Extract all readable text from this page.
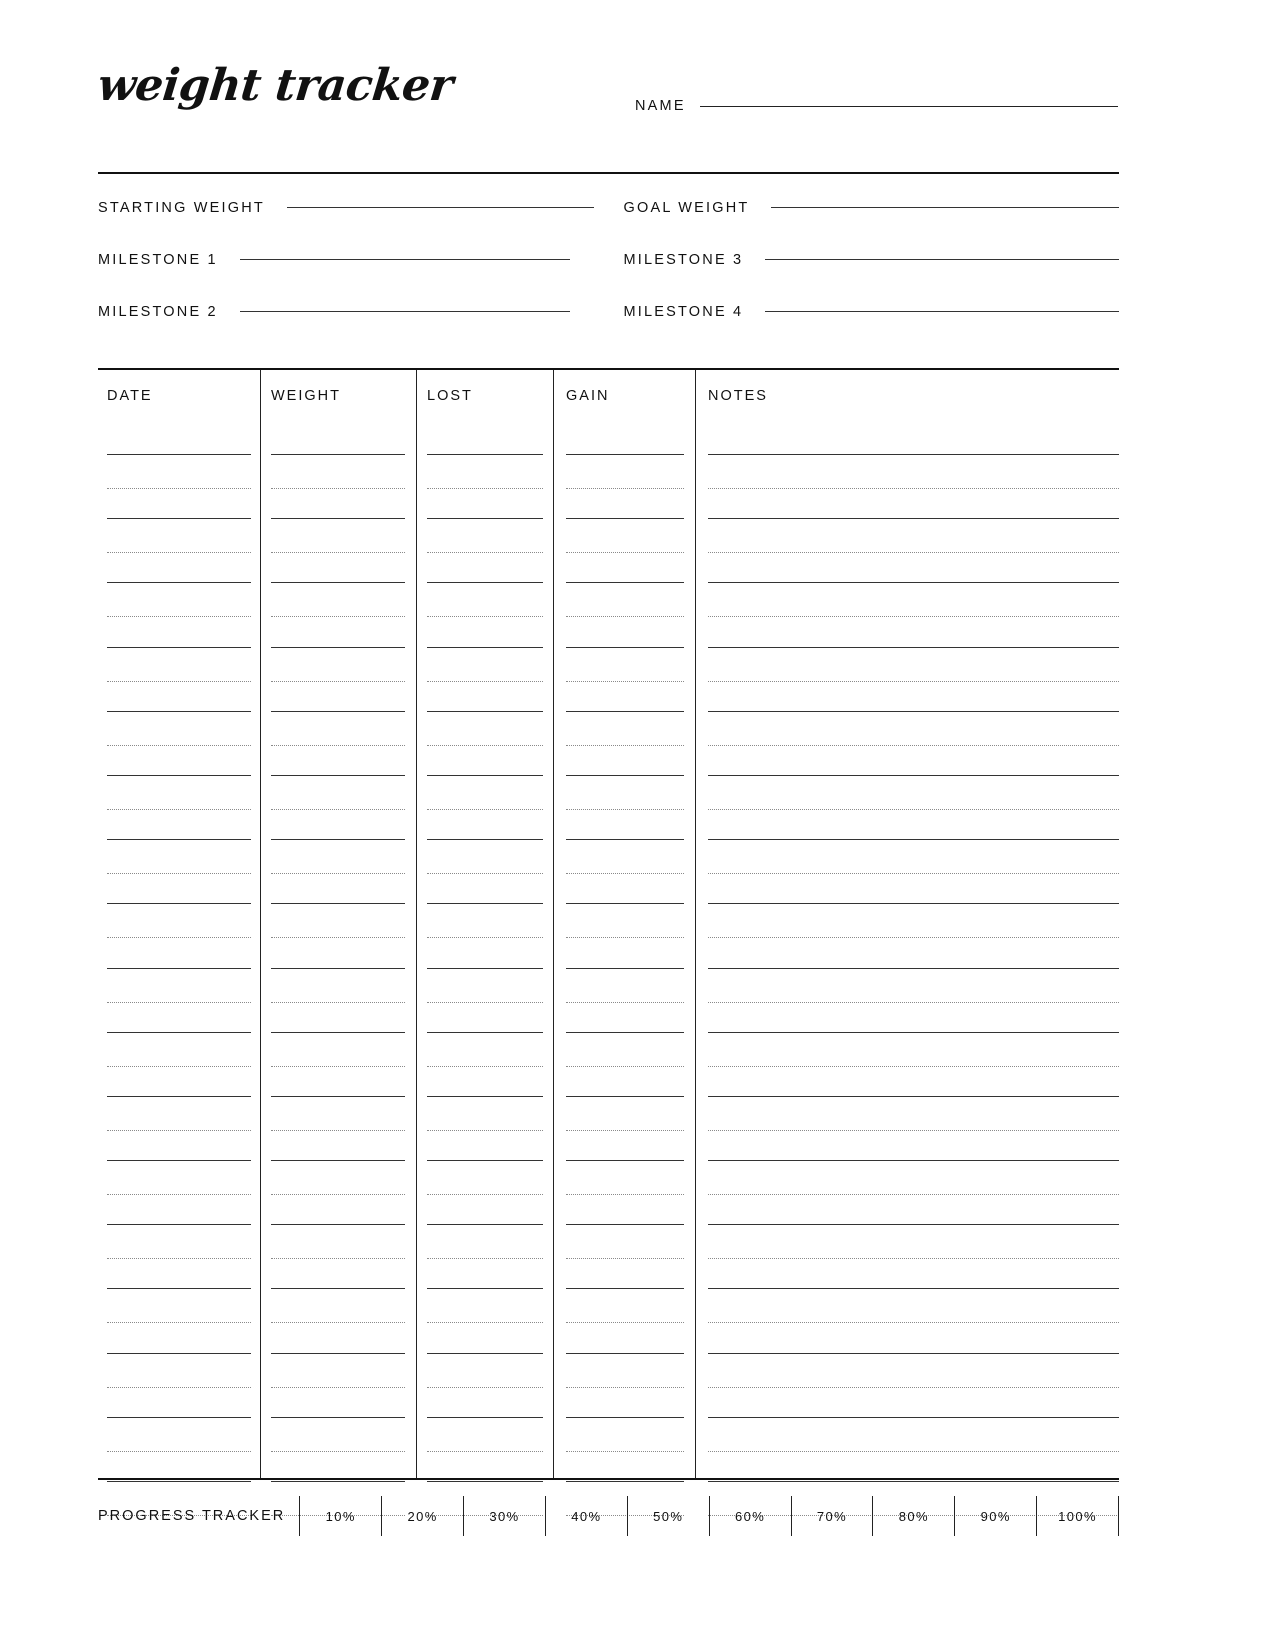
weight tracker	NAME
STARTING WEIGHT	GOAL WEIGHT
MILESTONE 1	MILESTONE 3
MILESTONE 2	MILESTONE 4
DATE	WEIGHT	LOST	GAIN	NOTES
PROGRESS TRACKER	10%	20%	30%	40%	50%	60%	70%	80%	90%	100%
